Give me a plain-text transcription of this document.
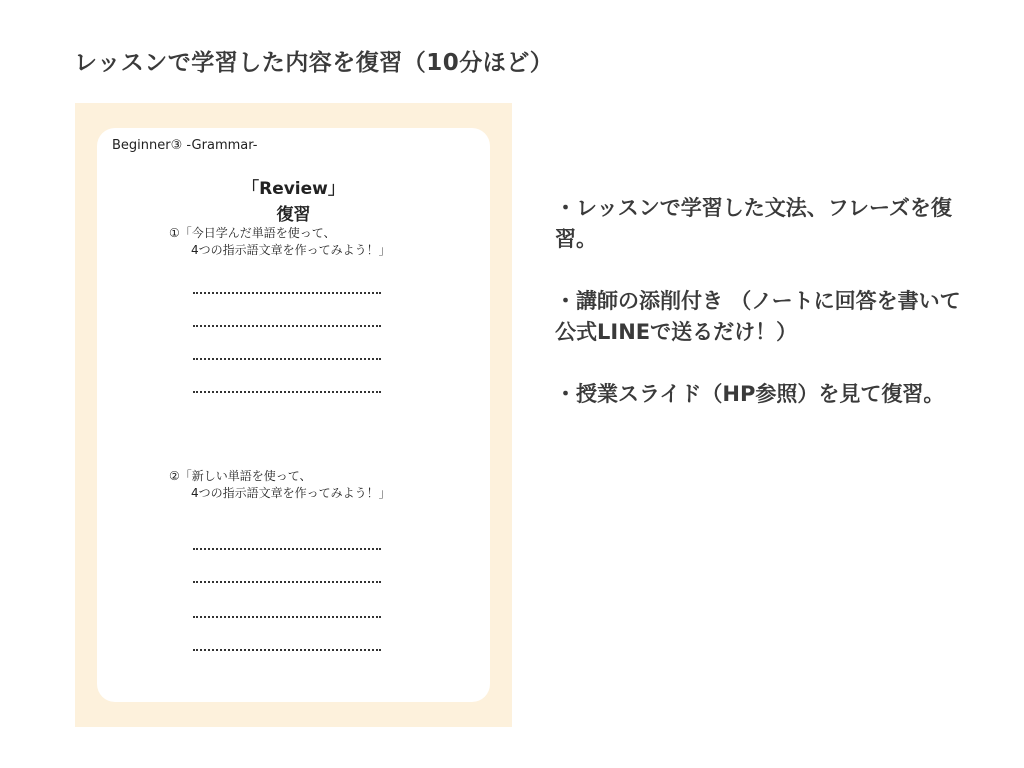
レッスンで学習した内容を復習（10分ほど）
Beginner③ -Grammar-
「Review」
復習
①「今日学んだ単語を使って、
4つの指示語文章を作ってみよう！」
②「新しい単語を使って、
4つの指示語文章を作ってみよう！」
・レッスンで学習した文法、フレーズを復習。
・講師の添削付き （ノートに回答を書いて公式LINEで送るだけ！）
・授業スライド（HP参照）を見て復習。
